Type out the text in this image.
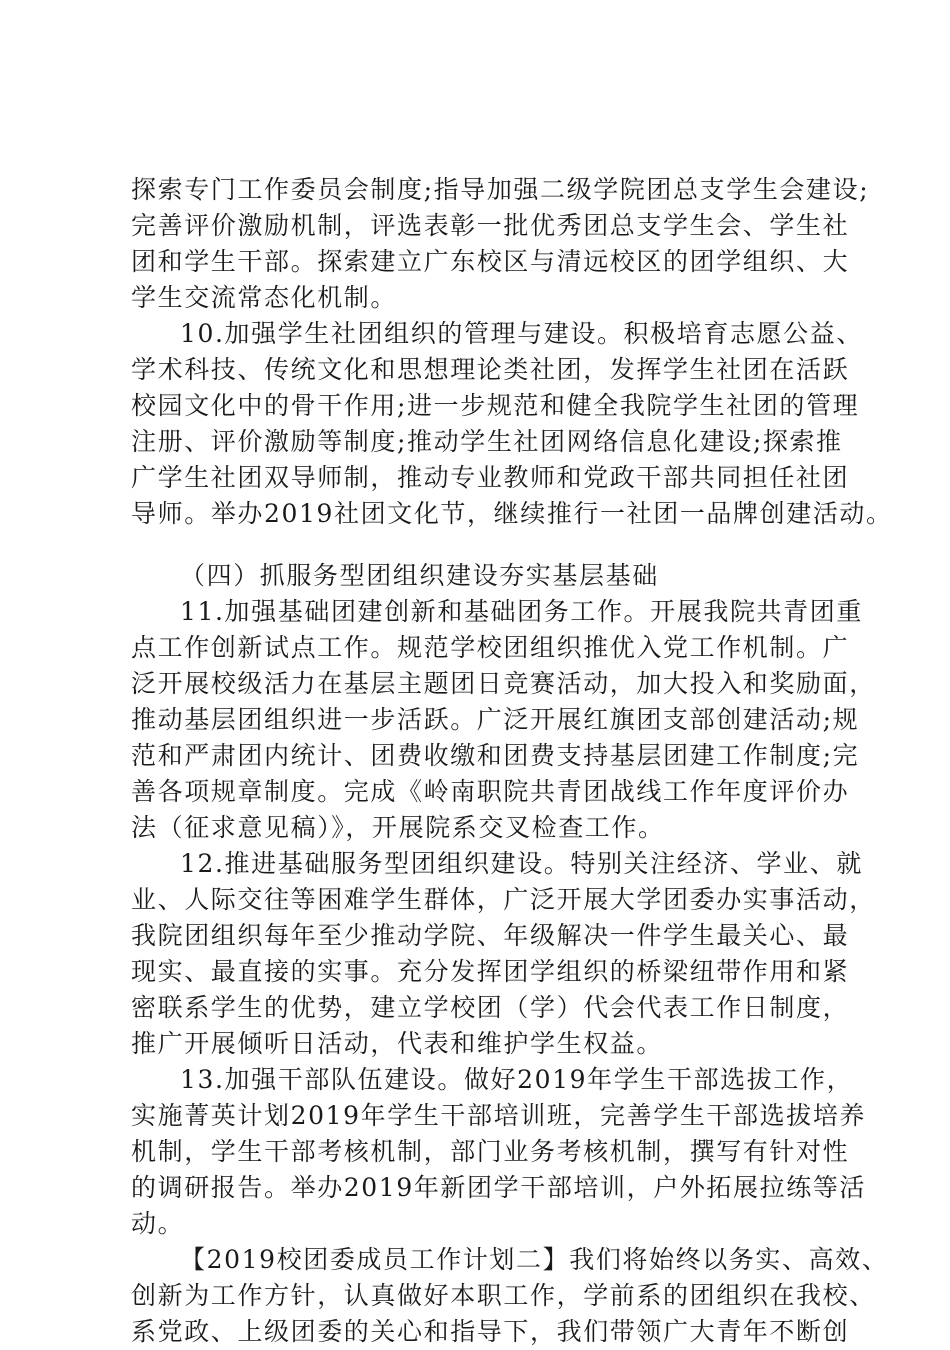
探索专门工作委员会制度;指导加强二级学院团总支学生会建设;
完善评价激励机制，评选表彰一批优秀团总支学生会、学生社
团和学生干部。探索建立广东校区与清远校区的团学组织、大
学生交流常态化机制。
10.加强学生社团组织的管理与建设。积极培育志愿公益、
学术科技、传统文化和思想理论类社团，发挥学生社团在活跃
校园文化中的骨干作用;进一步规范和健全我院学生社团的管理
注册、评价激励等制度;推动学生社团网络信息化建设;探索推
广学生社团双导师制，推动专业教师和党政干部共同担任社团
导师。举办2019社团文化节，继续推行一社团一品牌创建活动。
（四）抓服务型团组织建设夯实基层基础
11.加强基础团建创新和基础团务工作。开展我院共青团重
点工作创新试点工作。规范学校团组织推优入党工作机制。广
泛开展校级活力在基层主题团日竞赛活动，加大投入和奖励面，
推动基层团组织进一步活跃。广泛开展红旗团支部创建活动;规
范和严肃团内统计、团费收缴和团费支持基层团建工作制度;完
善各项规章制度。完成《岭南职院共青团战线工作年度评价办
法（征求意见稿）》，开展院系交叉检查工作。
12.推进基础服务型团组织建设。特别关注经济、学业、就
业、人际交往等困难学生群体，广泛开展大学团委办实事活动，
我院团组织每年至少推动学院、年级解决一件学生最关心、最
现实、最直接的实事。充分发挥团学组织的桥梁纽带作用和紧
密联系学生的优势，建立学校团（学）代会代表工作日制度，
推广开展倾听日活动，代表和维护学生权益。
13.加强干部队伍建设。做好2019年学生干部选拔工作，
实施菁英计划2019年学生干部培训班，完善学生干部选拔培养
机制，学生干部考核机制，部门业务考核机制，撰写有针对性
的调研报告。举办2019年新团学干部培训，户外拓展拉练等活
动。
【2019校团委成员工作计划二】我们将始终以务实、高效、
创新为工作方针，认真做好本职工作，学前系的团组织在我校、
系党政、上级团委的关心和指导下，我们带领广大青年不断创
